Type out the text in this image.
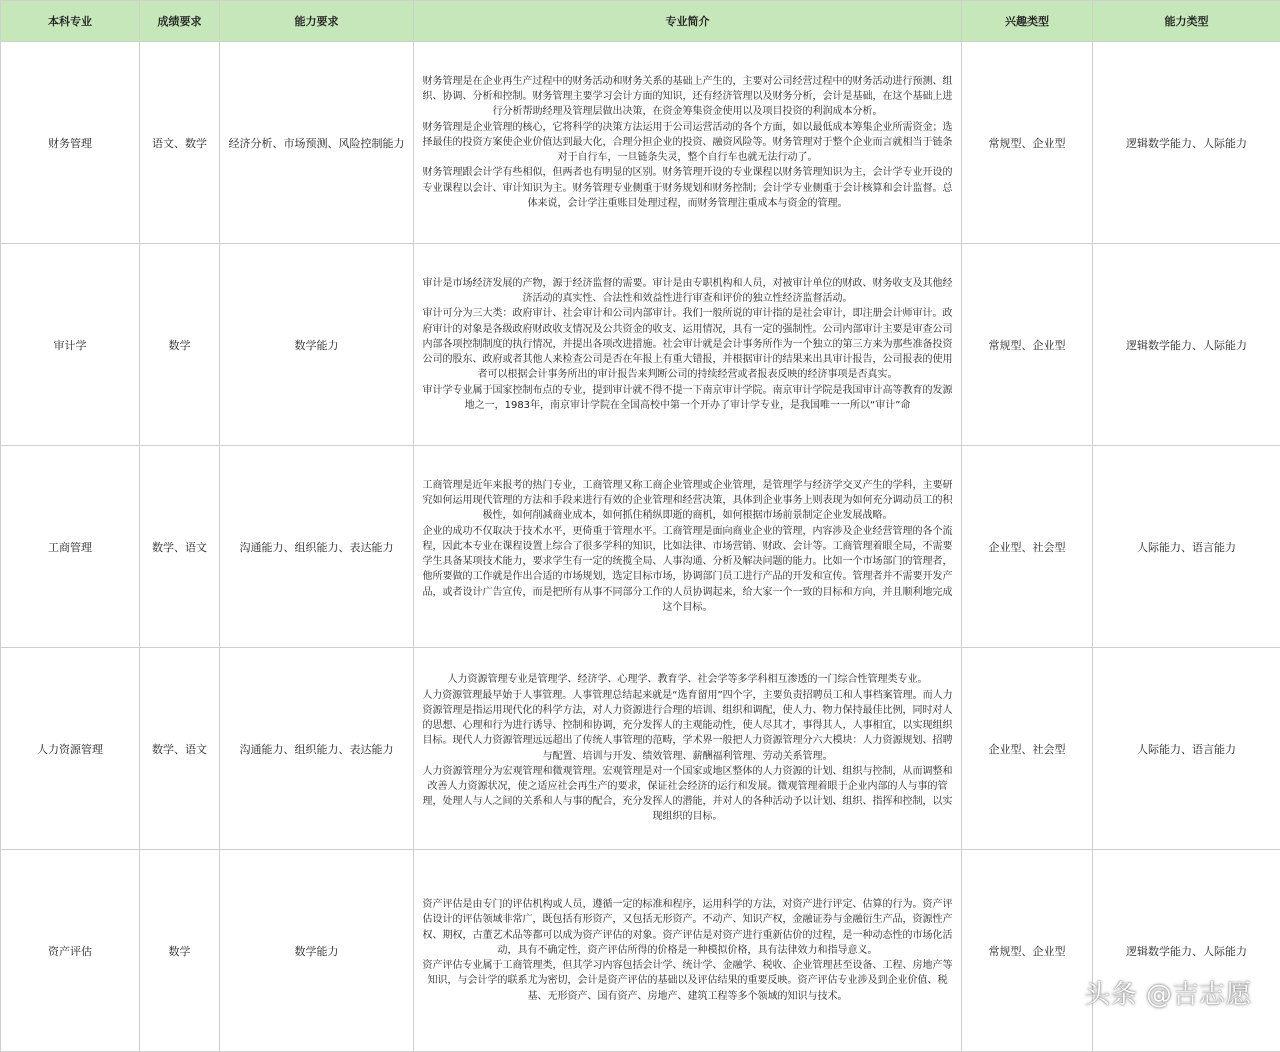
本科专业	成绩要求	能力要求	专业简介	兴趣类型	能力类型
财务管理	语文、数学	经济分析、市场预测、风险控制能力	财务管理是在企业再生产过程中的财务活动和财务关系的基础上产生的，主要对公司经营过程中的财务活动进行预测、组织、协调、分析和控制。财务管理主要学习会计方面的知识，还有经济管理以及财务分析，会计是基础，在这个基础上进行分析帮助经理及管理层做出决策，在资金筹集资金使用以及项目投资的利润成本分析。

财务管理是企业管理的核心，它将科学的决策方法运用于公司运营活动的各个方面，如以最低成本筹集企业所需资金；选择最佳的投资方案使企业价值达到最大化，合理分担企业的投资、融资风险等。财务管理对于整个企业而言就相当于链条对于自行车，一旦链条失灵，整个自行车也就无法行动了。

财务管理跟会计学有些相似，但两者也有明显的区别。财务管理开设的专业课程以财务管理知识为主，会计学专业开设的专业课程以会计、审计知识为主。财务管理专业侧重于财务规划和财务控制；会计学专业侧重于会计核算和会计监督。总体来说，会计学注重账目处理过程，而财务管理注重成本与资金的管理。	常规型、企业型	逻辑数学能力、人际能力
审计学	数学	数学能力	审计是市场经济发展的产物，源于经济监督的需要。审计是由专职机构和人员，对被审计单位的财政、财务收支及其他经济活动的真实性、合法性和效益性进行审查和评价的独立性经济监督活动。

审计可分为三大类：政府审计、社会审计和公司内部审计。我们一般所说的审计指的是社会审计，即注册会计师审计。政府审计的对象是各级政府财政收支情况及公共资金的收支、运用情况，具有一定的强制性。公司内部审计主要是审查公司内部各项控制制度的执行情况，并提出各项改进措施。社会审计就是会计事务所作为一个独立的第三方来为那些准备投资公司的股东、政府或者其他人来检查公司是否在年报上有重大错报，并根据审计的结果来出具审计报告，公司报表的使用者可以根据会计事务所出的审计报告来判断公司的持续经营或者报表反映的经济事项是否真实。

审计学专业属于国家控制布点的专业，提到审计就不得不提一下南京审计学院。南京审计学院是我国审计高等教育的发源地之一，1983年，南京审计学院在全国高校中第一个开办了审计学专业，是我国唯一一所以“审计”命	常规型、企业型	逻辑数学能力、人际能力
工商管理	数学、语文	沟通能力、组织能力、表达能力	工商管理是近年来报考的热门专业，工商管理又称工商企业管理或企业管理，是管理学与经济学交叉产生的学科，主要研究如何运用现代管理的方法和手段来进行有效的企业管理和经营决策，具体到企业事务上则表现为如何充分调动员工的积极性，如何削减商业成本，如何抓住稍纵即逝的商机，如何根据市场前景制定企业发展战略。

企业的成功不仅取决于技术水平，更倚重于管理水平。工商管理是面向商业企业的管理，内容涉及企业经营管理的各个流程，因此本专业在课程设置上综合了很多学科的知识，比如法律、市场营销、财政、会计等。工商管理着眼全局，不需要学生具备某项技术能力，要求学生有一定的统揽全局、人事沟通、分析及解决问题的能力。比如一个市场部门的管理者，他所要做的工作就是作出合适的市场规划，选定目标市场，协调部门员工进行产品的开发和宣传。管理者并不需要开发产品，或者设计广告宣传，而是把所有从事不同部分工作的人员协调起来，给大家一个一致的目标和方向，并且顺利地完成这个目标。	企业型、社会型	人际能力、语言能力
人力资源管理	数学、语文	沟通能力、组织能力、表达能力	人力资源管理专业是管理学、经济学、心理学、教育学、社会学等多学科相互渗透的一门综合性管理类专业。

人力资源管理最早始于人事管理。人事管理总结起来就是“选育留用”四个字，主要负责招聘员工和人事档案管理。而人力资源管理是指运用现代化的科学方法，对人力资源进行合理的培训、组织和调配，使人力、物力保持最佳比例，同时对人的思想、心理和行为进行诱导、控制和协调，充分发挥人的主观能动性，使人尽其才，事得其人，人事相宜，以实现组织目标。现代人力资源管理远远超出了传统人事管理的范畴，学术界一般把人力资源管理分六大模块：人力资源规划、招聘与配置、培训与开发、绩效管理、薪酬福利管理、劳动关系管理。

人力资源管理分为宏观管理和微观管理。宏观管理是对一个国家或地区整体的人力资源的计划、组织与控制，从而调整和改善人力资源状况，使之适应社会再生产的要求，保证社会经济的运行和发展。微观管理着眼于企业内部的人与事的管理，处理人与人之间的关系和人与事的配合，充分发挥人的潜能，并对人的各种活动予以计划、组织、指挥和控制，以实现组织的目标。	企业型、社会型	人际能力、语言能力
资产评估	数学	数学能力	资产评估是由专门的评估机构或人员，遵循一定的标准和程序，运用科学的方法，对资产进行评定、估算的行为。资产评估设计的评估领域非常广，既包括有形资产，又包括无形资产。不动产、知识产权，金融证券与金融衍生产品，资源性产权、期权，古董艺术品等都可以成为资产评估的对象。资产评估是对资产进行重新估价的过程，是一种动态性的市场化活动，具有不确定性，资产评估所得的价格是一种模拟价格，具有法律效力和指导意义。

资产评估专业属于工商管理类，但其学习内容包括会计学、统计学、金融学、税收、企业管理甚至设备、工程、房地产等知识，与会计学的联系尤为密切，会计是资产评估的基础以及评估结果的重要反映。资产评估专业涉及到企业价值、税基、无形资产、国有资产、房地产、建筑工程等多个领域的知识与技术。	常规型、企业型	逻辑数学能力、人际能力
头条 @吉志愿
